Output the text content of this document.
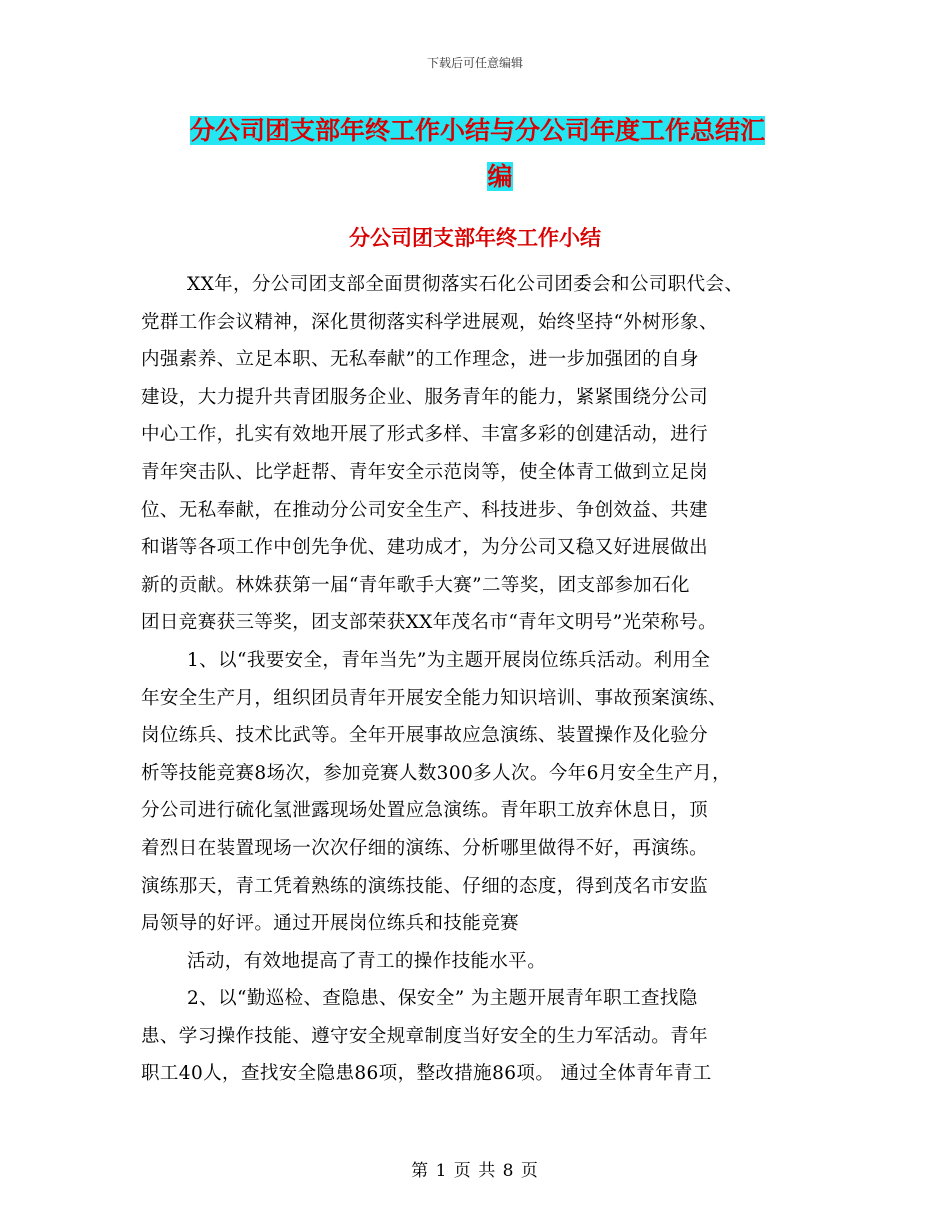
下载后可任意编辑
分公司团支部年终工作小结与分公司年度工作总结汇
编
分公司团支部年终工作小结
XX年，分公司团支部全面贯彻落实石化公司团委会和公司职代会、
党群工作会议精神，深化贯彻落实科学进展观，始终坚持“外树形象、
内强素养、立足本职、无私奉献”的工作理念，进一步加强团的自身
建设，大力提升共青团服务企业、服务青年的能力，紧紧围绕分公司
中心工作，扎实有效地开展了形式多样、丰富多彩的创建活动，进行
青年突击队、比学赶帮、青年安全示范岗等，使全体青工做到立足岗
位、无私奉献，在推动分公司安全生产、科技进步、争创效益、共建
和谐等各项工作中创先争优、建功成才，为分公司又稳又好进展做出
新的贡献。林姝获第一届“青年歌手大赛”二等奖，团支部参加石化
团日竞赛获三等奖，团支部荣获XX年茂名市“青年文明号”光荣称号。
1、以“我要安全，青年当先”为主题开展岗位练兵活动。利用全
年安全生产月，组织团员青年开展安全能力知识培训、事故预案演练、
岗位练兵、技术比武等。全年开展事故应急演练、装置操作及化验分
析等技能竞赛8场次，参加竞赛人数300多人次。今年6月安全生产月，
分公司进行硫化氢泄露现场处置应急演练。青年职工放弃休息日，顶
着烈日在装置现场一次次仔细的演练、分析哪里做得不好，再演练。
演练那天，青工凭着熟练的演练技能、仔细的态度，得到茂名市安监
局领导的好评。通过开展岗位练兵和技能竞赛
活动，有效地提高了青工的操作技能水平。
2、以“勤巡检、查隐患、保安全” 为主题开展青年职工查找隐
患、学习操作技能、遵守安全规章制度当好安全的生力军活动。青年
职工40人，查找安全隐患86项，整改措施86项。 通过全体青年青工
第 1 页 共 8 页
